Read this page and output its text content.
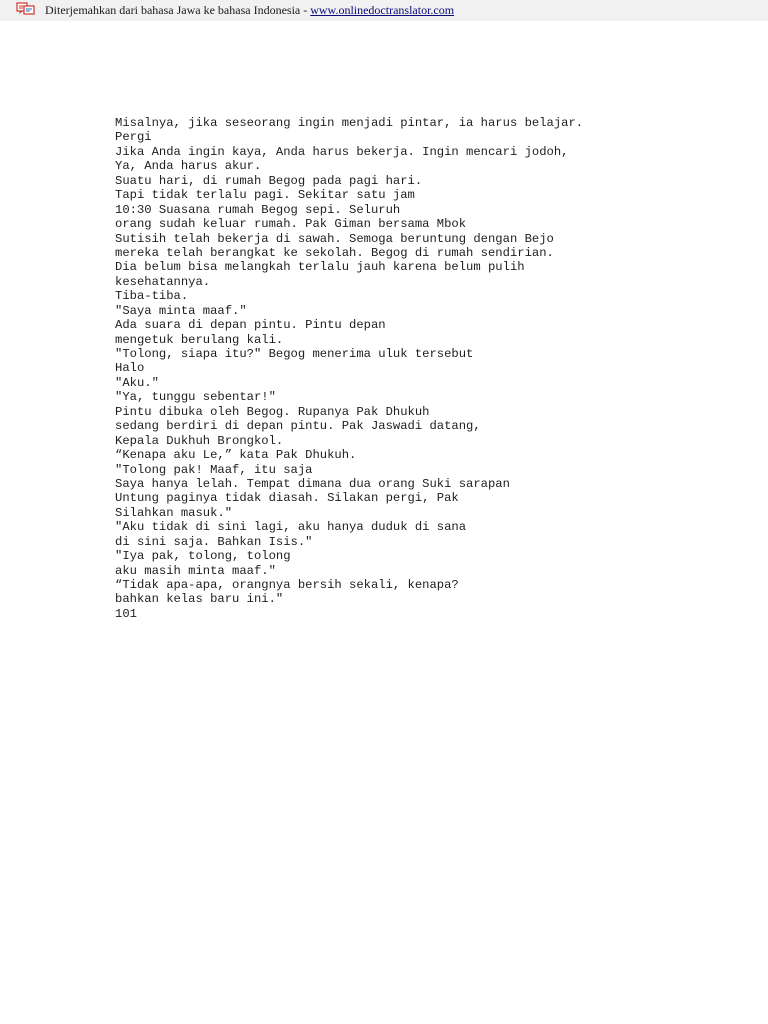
Diterjemahkan dari bahasa Jawa ke bahasa Indonesia - www.onlinedoctranslator.com
Misalnya, jika seseorang ingin menjadi pintar, ia harus belajar.
Pergi
Jika Anda ingin kaya, Anda harus bekerja. Ingin mencari jodoh,
Ya, Anda harus akur.
Suatu hari, di rumah Begog pada pagi hari.
Tapi tidak terlalu pagi. Sekitar satu jam
10:30 Suasana rumah Begog sepi. Seluruh
orang sudah keluar rumah. Pak Giman bersama Mbok
Sutisih telah bekerja di sawah. Semoga beruntung dengan Bejo
mereka telah berangkat ke sekolah. Begog di rumah sendirian.
Dia belum bisa melangkah terlalu jauh karena belum pulih
kesehatannya.
Tiba-tiba.
"Saya minta maaf."
Ada suara di depan pintu. Pintu depan
mengetuk berulang kali.
"Tolong, siapa itu?" Begog menerima uluk tersebut
Halo
"Aku."
"Ya, tunggu sebentar!"
Pintu dibuka oleh Begog. Rupanya Pak Dhukuh
sedang berdiri di depan pintu. Pak Jaswadi datang,
Kepala Dukhuh Brongkol.
“Kenapa aku Le,” kata Pak Dhukuh.
"Tolong pak! Maaf, itu saja
Saya hanya lelah. Tempat dimana dua orang Suki sarapan
Untung paginya tidak diasah. Silakan pergi, Pak
Silahkan masuk."
"Aku tidak di sini lagi, aku hanya duduk di sana
di sini saja. Bahkan Isis."
"Iya pak, tolong, tolong
aku masih minta maaf."
“Tidak apa-apa, orangnya bersih sekali, kenapa?
bahkan kelas baru ini."
101
